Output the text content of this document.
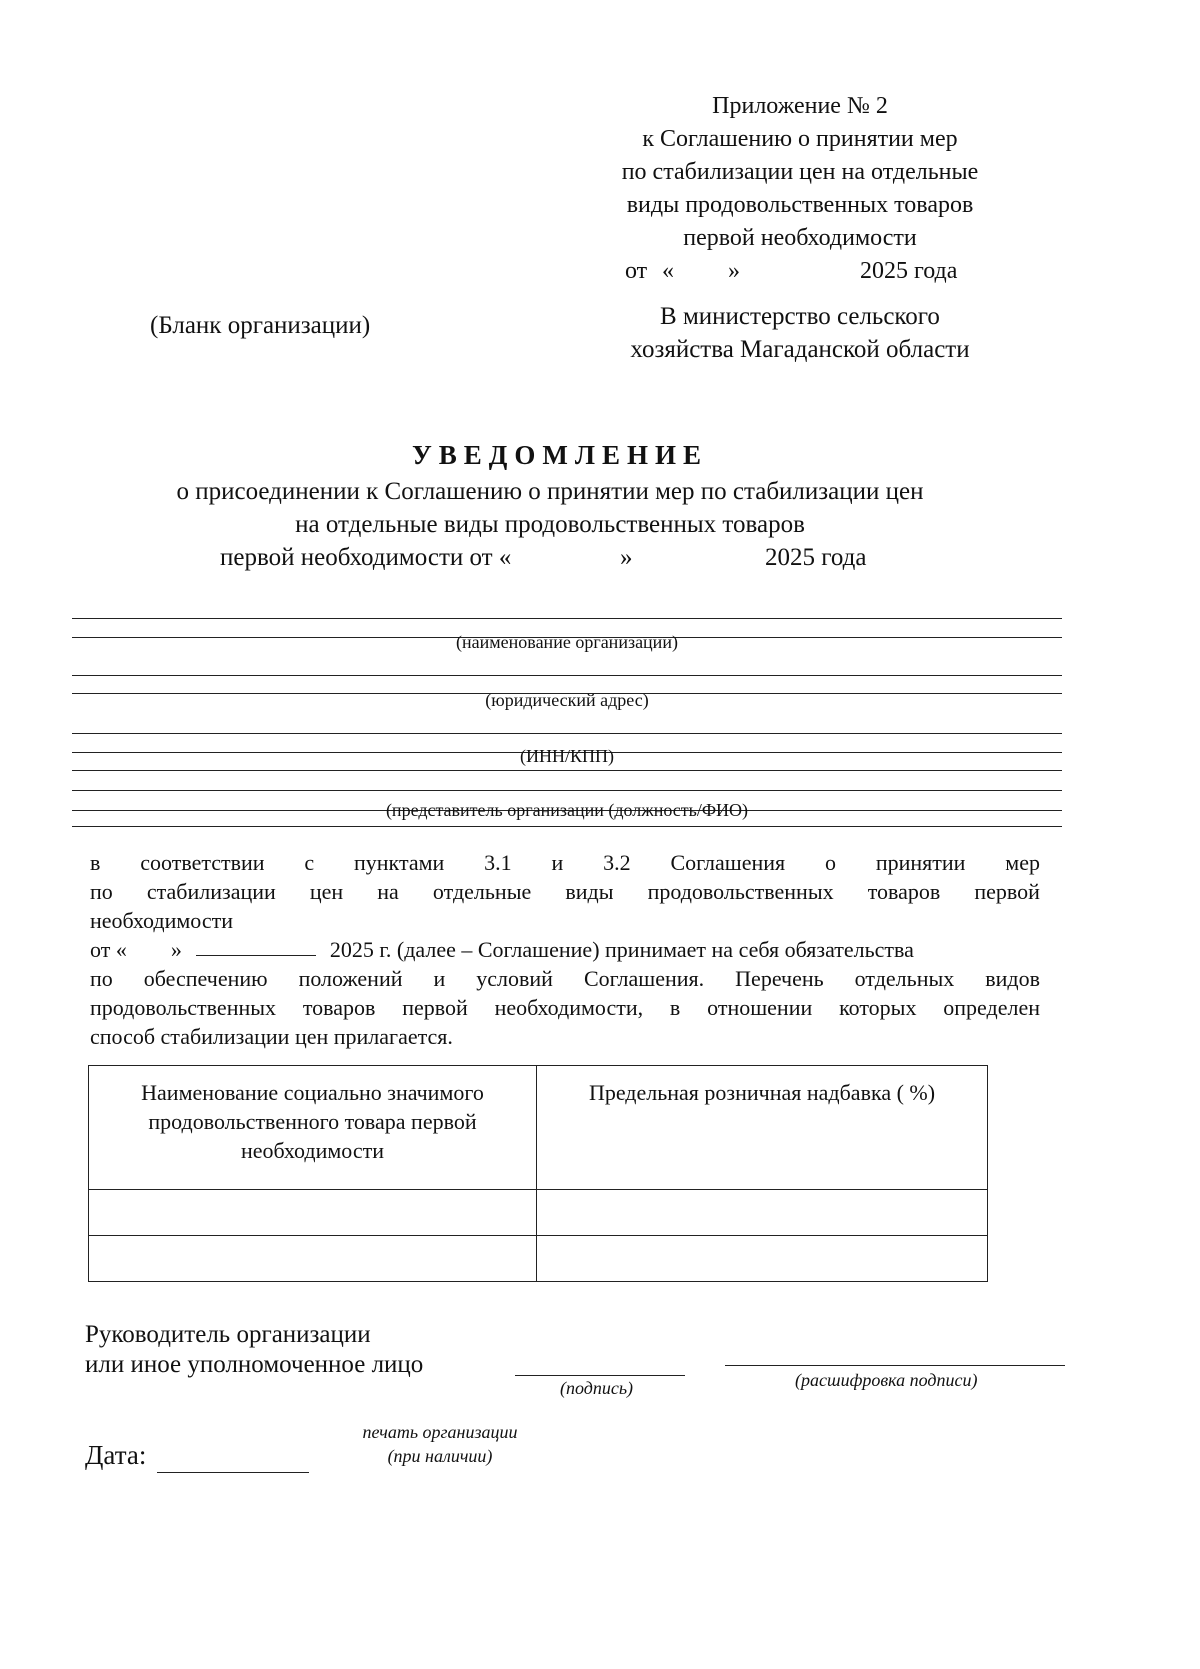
Приложение № 2
к Соглашению о принятии мер
по стабилизации цен на отдельные
виды продовольственных товаров
первой необходимости
от « »	2025 года
(Бланк организации)	В министерство сельского
хозяйства Магаданской области
УВЕДОМЛЕНИЕ
о присоединении к Соглашению о принятии мер по стабилизации цен
на отдельные виды продовольственных товаров
первой необходимости от «	»	2025 года
(наименование организации)
(юридический адрес)
(ИНН/КПП)
(представитель организации (должность/ФИО)
в соответствии с пунктами 3.1 и 3.2 Соглашения о принятии мер
по стабилизации цен на отдельные виды продовольственных товаров первой
необходимости
от « »	2025 г. (далее – Соглашение) принимает на себя обязательства
по обеспечению положений и условий Соглашения. Перечень отдельных видов
продовольственных товаров первой необходимости, в отношении которых определен
способ стабилизации цен прилагается.
Наименование социально значимого продовольственного товара первой необходимости	Предельная розничная надбавка ( %)

Руководитель организации
или иное уполномоченное лицо
(подпись)	(расшифровка подписи)
печать организации
(при наличии)
Дата:
